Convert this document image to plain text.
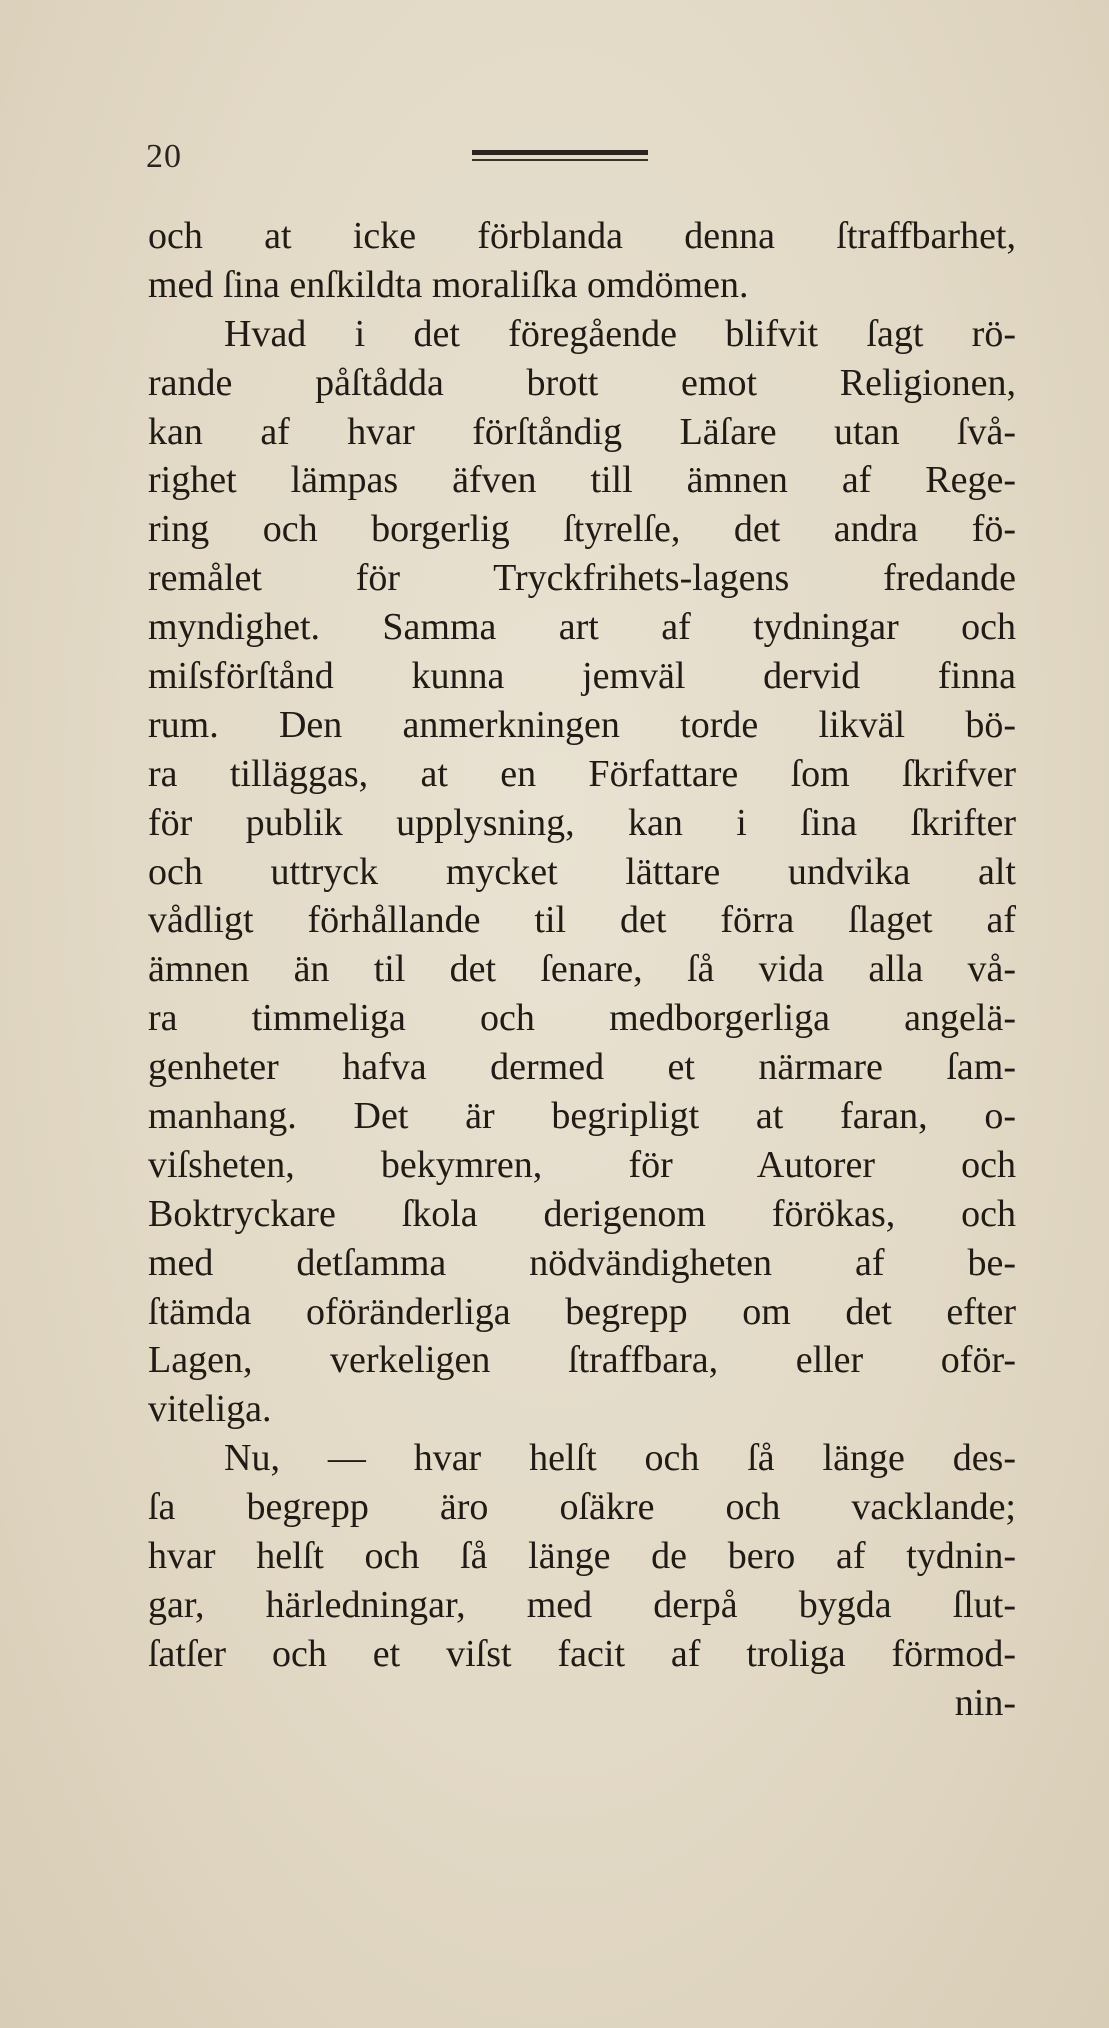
20
och at icke förblanda denna ſtraffbarhet,
med ſina enſkildta moraliſka omdömen.
Hvad i det föregående blifvit ſagt rö-
rande påſtådda brott emot Religionen,
kan af hvar förſtåndig Läſare utan ſvå-
righet lämpas äfven till ämnen af Rege-
ring och borgerlig ſtyrelſe, det andra fö-
remålet för Tryckfrihets-lagens fredande
myndighet. Samma art af tydningar och
miſsförſtånd kunna jemväl dervid finna
rum. Den anmerkningen torde likväl bö-
ra tilläggas, at en Författare ſom ſkrifver
för publik upplysning, kan i ſina ſkrifter
och uttryck mycket lättare undvika alt
vådligt förhållande til det förra ſlaget af
ämnen än til det ſenare, ſå vida alla vå-
ra timmeliga och medborgerliga angelä-
genheter hafva dermed et närmare ſam-
manhang. Det är begripligt at faran, o-
viſsheten, bekymren, för Autorer och
Boktryckare ſkola derigenom förökas, och
med detſamma nödvändigheten af be-
ſtämda oföränderliga begrepp om det efter
Lagen, verkeligen ſtraffbara, eller oför-
viteliga.
Nu, — hvar helſt och ſå länge des-
ſa begrepp äro oſäkre och vacklande;
hvar helſt och ſå länge de bero af tydnin-
gar, härledningar, med derpå bygda ſlut-
ſatſer och et viſst facit af troliga förmod-
nin-
